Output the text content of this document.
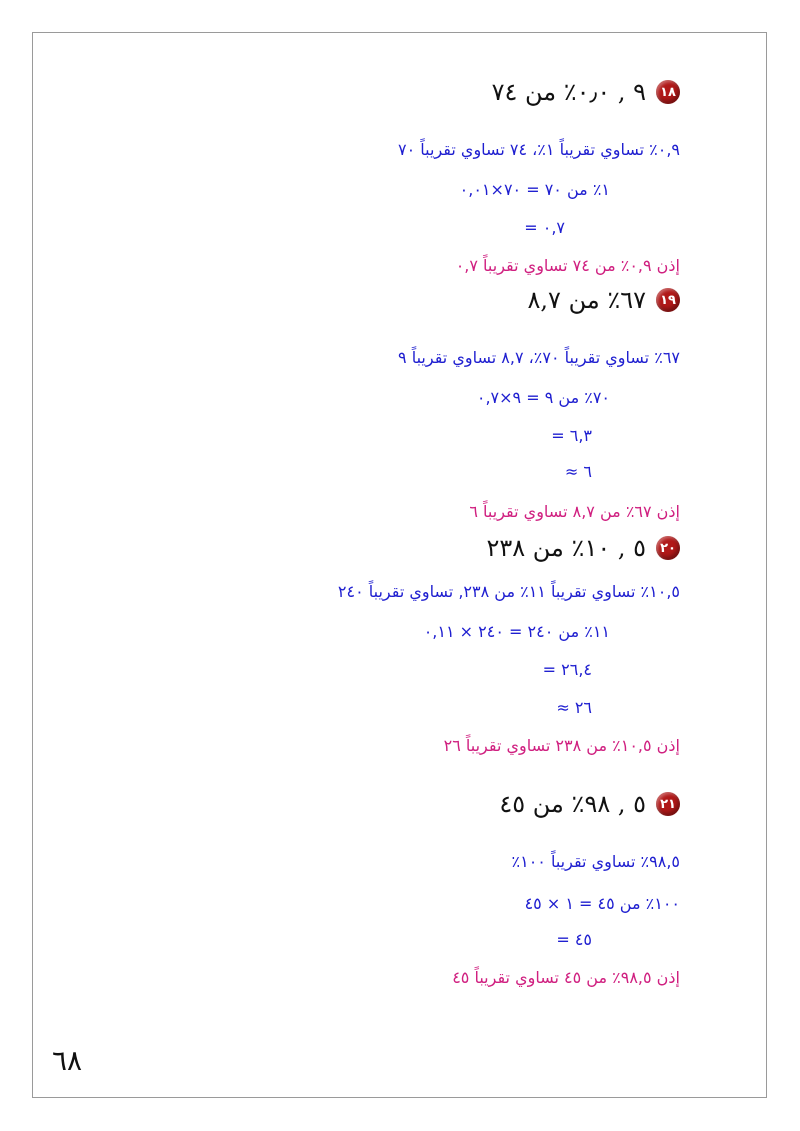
١٨
٩ , ٠٫٠٪ من ٧٤
٠,٩٪ تساوي تقريباً ١٪، ٧٤ تساوي تقريباً ٧٠
١٪ من ٧٠ = ٧٠×٠,٠١
= ٠,٧
إذن ٠,٩٪ من ٧٤ تساوي تقريباً ٠,٧
١٩
٦٧٪ من ٨,٧
٦٧٪ تساوي تقريباً ٧٠٪، ٨,٧ تساوي تقريباً ٩
٧٠٪ من ٩ = ٩×٠,٧
= ٦,٣
≈ ٦
إذن ٦٧٪ من ٨,٧ تساوي تقريباً ٦
٢٠
٥ , ١٠٪ من ٢٣٨
١٠,٥٪ تساوي تقريباً ١١٪ من ٢٣٨, تساوي تقريباً ٢٤٠
١١٪ من ٢٤٠ = ٢٤٠ × ٠,١١
= ٢٦,٤
≈ ٢٦
إذن ١٠,٥٪ من ٢٣٨ تساوي تقريباً ٢٦
٢١
٥ , ٩٨٪ من ٤٥
٩٨,٥٪ تساوي تقريباً ١٠٠٪
١٠٠٪ من ٤٥ = ١ × ٤٥
= ٤٥
إذن ٩٨,٥٪ من ٤٥ تساوي تقريباً ٤٥
٦٨
